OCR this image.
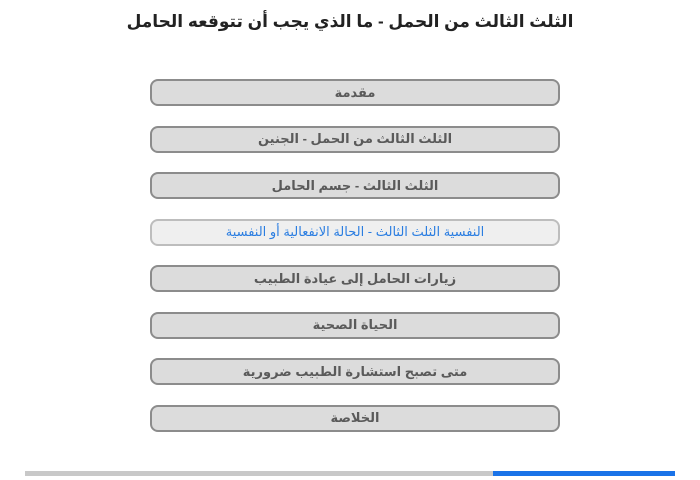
الثلث الثالث من الحمل - ما الذي يجب أن تتوقعه الحامل
مقدمة
الثلث الثالث من الحمل - الجنين
الثلث الثالث - جسم الحامل
النفسية الثلث الثالث - الحالة الانفعالية أو النفسية
زيارات الحامل إلى عيادة الطبيب
الحياة الصحية
متى تصبح استشارة الطبيب ضرورية
الخلاصة
